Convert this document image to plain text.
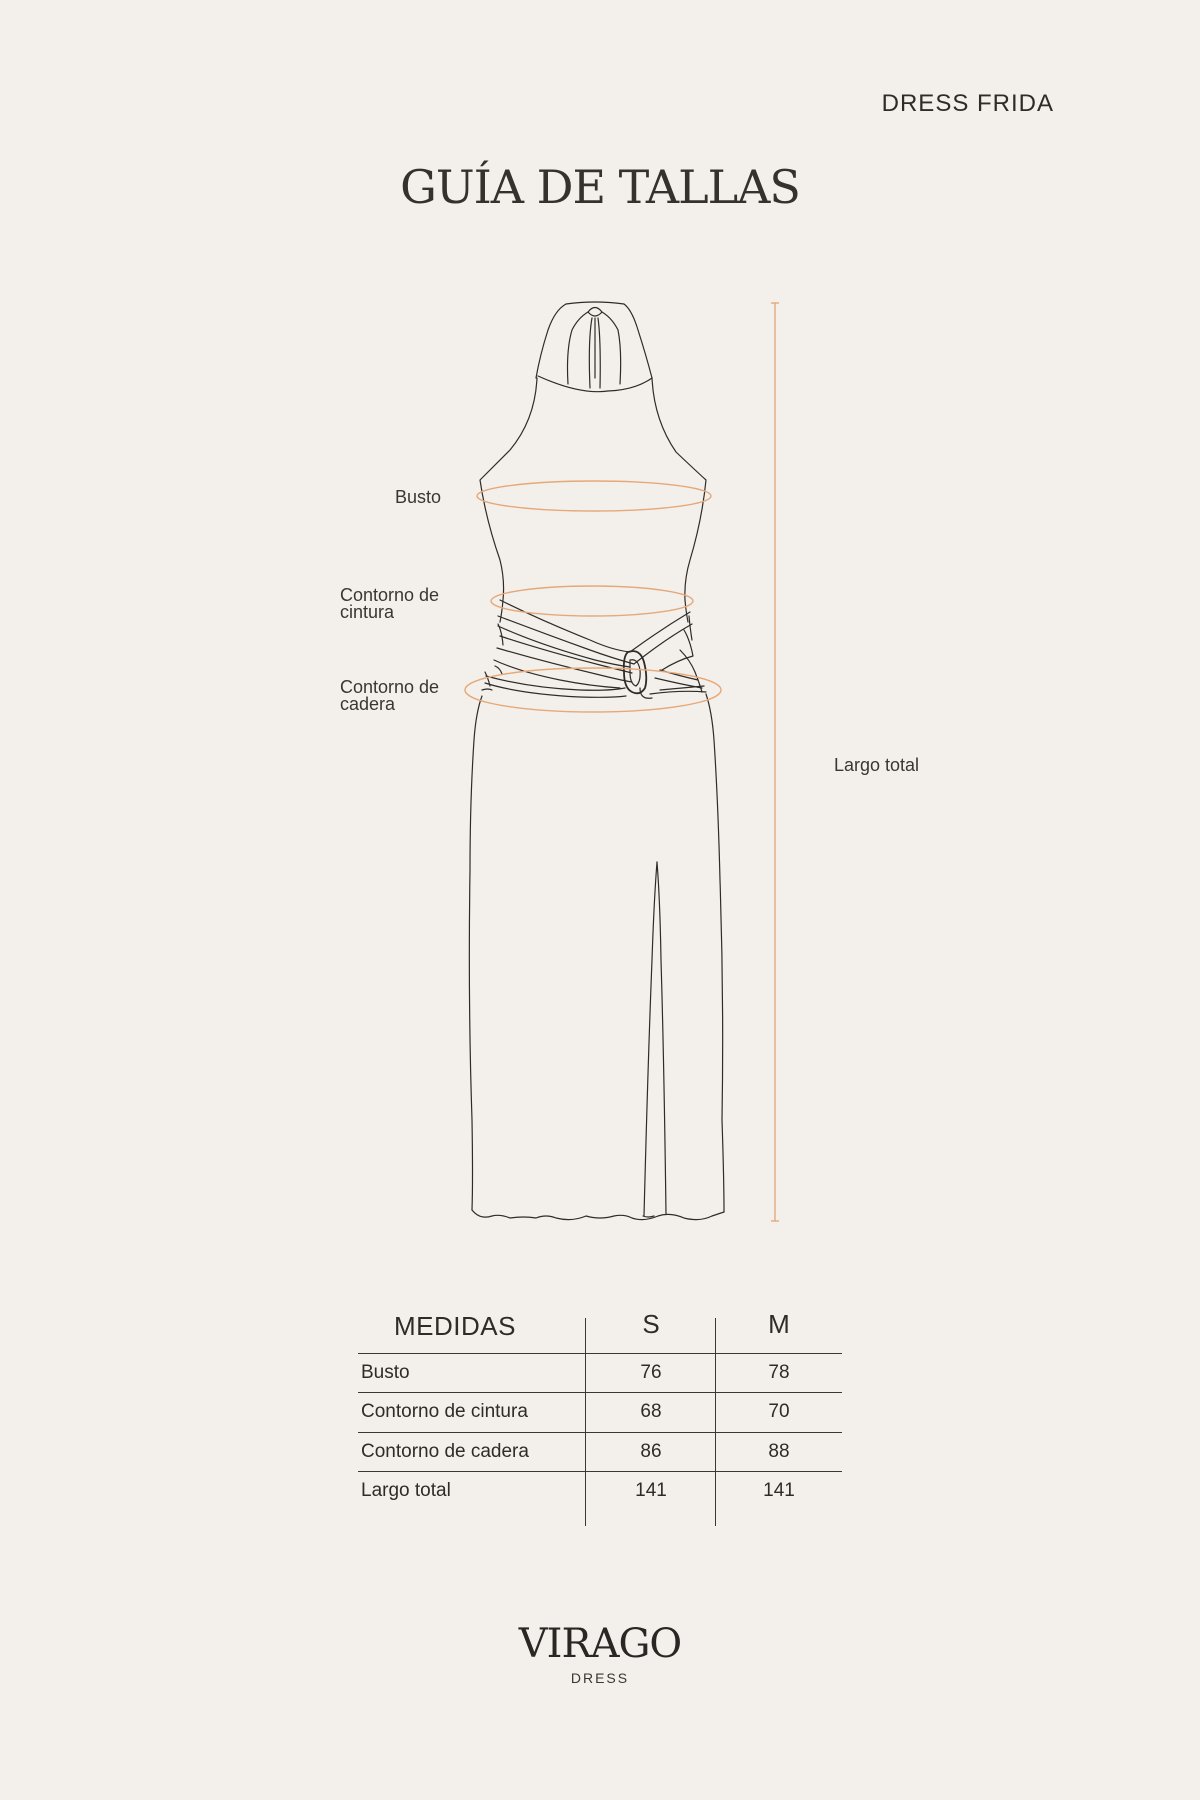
DRESS FRIDA
GUÍA DE TALLAS
Busto
Contorno de cintura
Contorno de cadera
Largo total
MEDIDAS	S	M
Busto	76	78
Contorno de cintura	68	70
Contorno de cadera	86	88
Largo total	141	141
VIRAGO
DRESS
